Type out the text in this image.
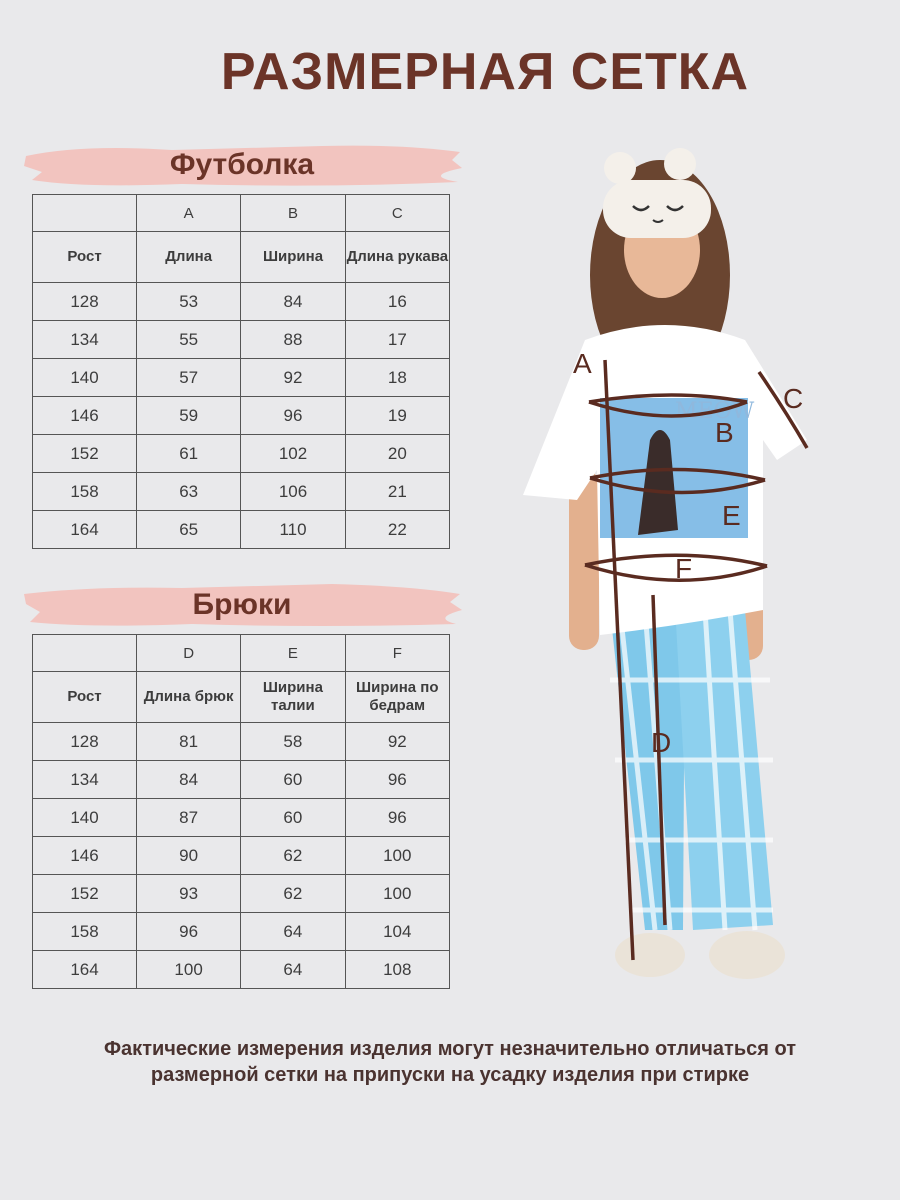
РАЗМЕРНАЯ СЕТКА
Футболка
	A	B	C
Рост	Длина	Ширина	Длина рукава
128	53	84	16
134	55	88	17
140	57	92	18
146	59	96	19
152	61	102	20
158	63	106	21
164	65	110	22
Брюки
	D	E	F
Рост	Длина брюк	Ширина талии	Ширина по бедрам
128	81	58	92
134	84	60	96
140	87	60	96
146	90	62	100
152	93	62	100
158	96	64	104
164	100	64	108
MEOW
A
B
C
D
E
F
Фактические измерения изделия могут незначительно отличаться от размерной сетки на припуски на усадку изделия при стирке
